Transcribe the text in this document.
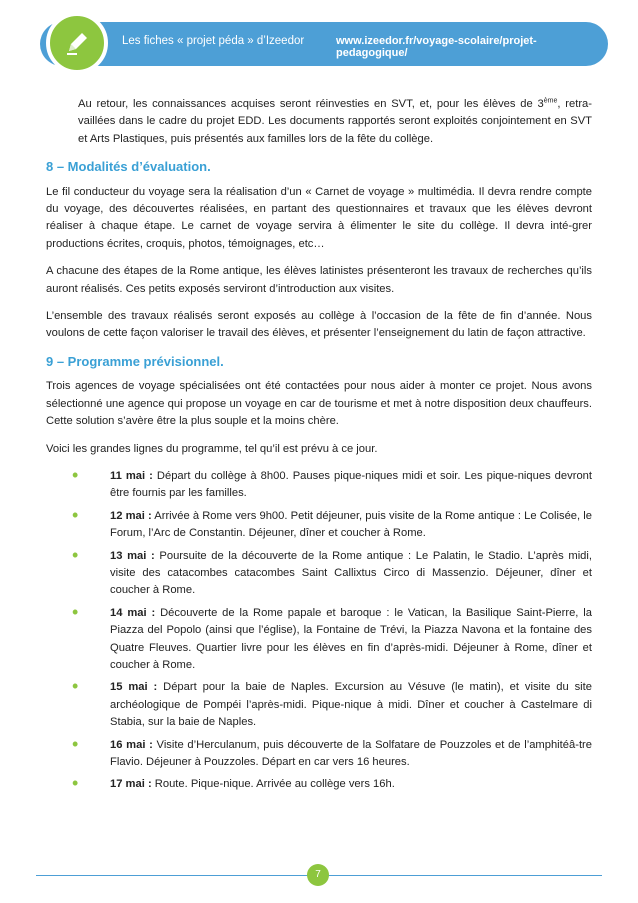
Les fiches « projet péda » d’Izeedor	www.izeedor.fr/voyage-scolaire/projet-pedagogique/

Au retour, les connaissances acquises seront réinvesties en SVT, et, pour les élèves de 3ème, retra-vaillées dans le cadre du projet EDD. Les documents rapportés seront exploités conjointement en SVT et Arts Plastiques, puis présentés aux familles lors de la fête du collège.

8 – Modalités d’évaluation.

Le fil conducteur du voyage sera la réalisation d’un « Carnet de voyage » multimédia. Il devra rendre compte du voyage, des découvertes réalisées, en partant des questionnaires et travaux que les élèves devront réaliser à chaque étape. Le carnet de voyage servira à élimenter le site du collège. Il devra inté-grer productions écrites, croquis, photos, témoignages, etc…

A chacune des étapes de la Rome antique, les élèves latinistes présenteront les travaux de recherches qu’ils auront réalisés. Ces petits exposés serviront d’introduction aux visites.

L’ensemble des travaux réalisés seront exposés au collège à l’occasion de la fête de fin d’année. Nous voulons de cette façon valoriser le travail des élèves, et présenter l’enseignement du latin de façon attractive.

9 – Programme prévisionnel.

Trois agences de voyage spécialisées ont été contactées pour nous aider à monter ce projet. Nous avons sélectionné une agence qui propose un voyage en car de tourisme et met à notre disposition deux chauffeurs. Cette solution s’avère être la plus souple et la moins chère.

Voici les grandes lignes du programme, tel qu’il est prévu à ce jour.

•	11 mai : Départ du collège à 8h00. Pauses pique-niques midi et soir. Les pique-niques devront être fournis par les familles.
•	12 mai : Arrivée à Rome vers 9h00. Petit déjeuner, puis visite de la Rome antique : Le Colisée, le Forum, l’Arc de Constantin. Déjeuner, dîner et coucher à Rome.
•	13 mai : Poursuite de la découverte de la Rome antique : Le Palatin, le Stadio. L’après midi, visite des catacombes catacombes Saint Callixtus Circo di Massenzio. Déjeuner, dîner et coucher à Rome.
•	14 mai : Découverte de la Rome papale et baroque : le Vatican, la Basilique Saint-Pierre, la Piazza del Popolo (ainsi que l’église), la Fontaine de Trévi, la Piazza Navona et la fontaine des Quatre Fleuves. Quartier livre pour les élèves en fin d’après-midi. Déjeuner à Rome, dîner et coucher à Rome.
•	15 mai : Départ pour la baie de Naples. Excursion au Vésuve (le matin), et visite du site archéologique de Pompéi l’après-midi. Pique-nique à midi. Dîner et coucher à Castelmare di Stabia, sur la baie de Naples.
•	16 mai : Visite d’Herculanum, puis découverte de la Solfatare de Pouzzoles et de l’amphitéâ-tre Flavio. Déjeuner à Pouzzoles. Départ en car vers 16 heures.
•	17 mai : Route. Pique-nique. Arrivée au collège vers 16h.
7
